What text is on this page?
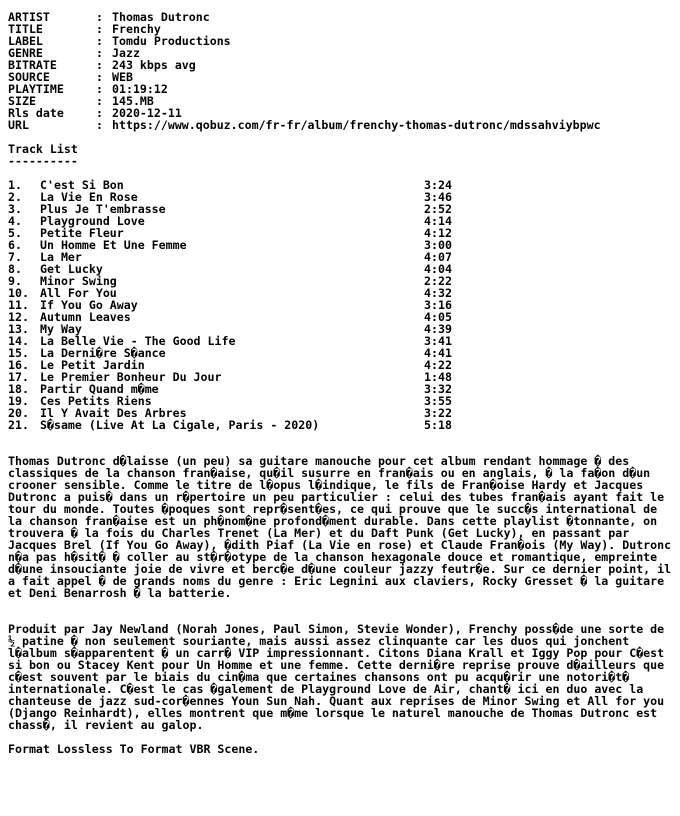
ARTIST	: Thomas Dutronc
TITLE	: Frenchy
LABEL	: Tomdu Productions
GENRE	: Jazz
BITRATE	: 243 kbps avg
SOURCE	: WEB
PLAYTIME	: 01:19:12
SIZE	: 145.MB
Rls date	: 2020-12-11
URL	: https://www.qobuz.com/fr-fr/album/frenchy-thomas-dutronc/mdssahviybpwc
Track List
----------
1. C'est Si Bon	3:24
2. La Vie En Rose	3:46
3. Plus Je T'embrasse	2:52
4. Playground Love	4:14
5. Petite Fleur	4:12
6. Un Homme Et Une Femme	3:00
7. La Mer	4:07
8. Get Lucky	4:04
9. Minor Swing	2:22
10. All For You	4:32
11. If You Go Away	3:16
12. Autumn Leaves	4:05
13. My Way	4:39
14. La Belle Vie - The Good Life	3:41
15. La Derni�re S�ance	4:41
16. Le Petit Jardin	4:22
17. Le Premier Bonheur Du Jour	1:48
18. Partir Quand m�me	3:32
19. Ces Petits Riens	3:55
20. Il Y Avait Des Arbres	3:22
21. S�same (Live At La Cigale, Paris - 2020)	5:18
Thomas Dutronc d�laisse (un peu) sa guitare manouche pour cet album rendant hommage � des classiques de la chanson fran�aise, qu�il susurre en fran�ais ou en anglais, � la fa�on d�un crooner sensible. Comme le titre de l�opus l�indique, le fils de Fran�oise Hardy et Jacques Dutronc a puis� dans un r�pertoire un peu particulier : celui des tubes fran�ais ayant fait le tour du monde. Toutes �poques sont repr�sent�es, ce qui prouve que le succ�s international de la chanson fran�aise est un ph�nom�ne profond�ment durable. Dans cette playlist �tonnante, on trouvera � la fois du Charles Trenet (La Mer) et du Daft Punk (Get Lucky), en passant par Jacques Brel (If You Go Away), �dith Piaf (La Vie en rose) et Claude Fran�ois (My Way). Dutronc n�a pas h�sit� � coller au st�r�otype de la chanson hexagonale douce et romantique, empreinte d�une insouciante joie de vivre et berc�e d�une couleur jazzy feutr�e. Sur ce dernier point, il a fait appel � de grands noms du genre : Eric Legnini aux claviers, Rocky Gresset � la guitare et Deni Benarrosh � la batterie.
Produit par Jay Newland (Norah Jones, Paul Simon, Stevie Wonder), Frenchy poss�de une sorte de ½ patine � non seulement souriante, mais aussi assez clinquante car les duos qui jonchent l�album s�apparentent � un carr� VIP impressionnant. Citons Diana Krall et Iggy Pop pour C�est si bon ou Stacey Kent pour Un Homme et une femme. Cette derni�re reprise prouve d�ailleurs que c�est souvent par le biais du cin�ma que certaines chansons ont pu acqu�rir une notori�t� internationale. C�est le cas �galement de Playground Love de Air, chant� ici en duo avec la chanteuse de jazz sud-cor�ennes Youn Sun Nah. Quant aux reprises de Minor Swing et All for you (Django Reinhardt), elles montrent que m�me lorsque le naturel manouche de Thomas Dutronc est chass�, il revient au galop.
Format Lossless To Format VBR Scene.
